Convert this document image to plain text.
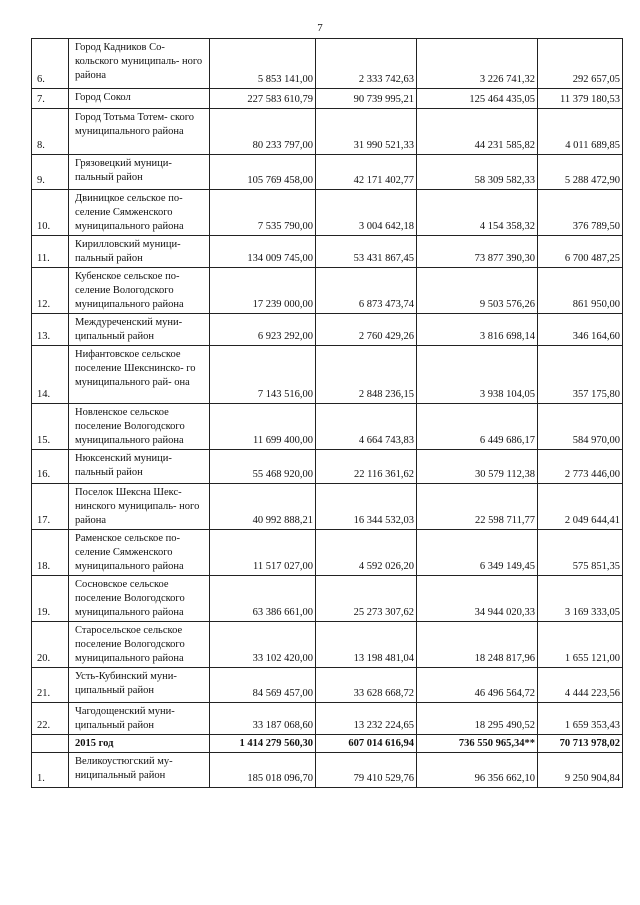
7
6.	Город Кадников Со- кольского муниципаль- ного района	5 853 141,00	2 333 742,63	3 226 741,32	292 657,05
7.	Город Сокол	227 583 610,79	90 739 995,21	125 464 435,05	11 379 180,53
8.	Город Тотьма Тотем- ского муниципального района	80 233 797,00	31 990 521,33	44 231 585,82	4 011 689,85
9.	Грязовецкий муници- пальный район	105 769 458,00	42 171 402,77	58 309 582,33	5 288 472,90
10.	Двиницкое сельское по- селение Сямженского муниципального района	7 535 790,00	3 004 642,18	4 154 358,32	376 789,50
11.	Кирилловский муници- пальный район	134 009 745,00	53 431 867,45	73 877 390,30	6 700 487,25
12.	Кубенское сельское по- селение Вологодского муниципального района	17 239 000,00	6 873 473,74	9 503 576,26	861 950,00
13.	Междуреченский муни- ципальный район	6 923 292,00	2 760 429,26	3 816 698,14	346 164,60
14.	Нифантовское сельское поселение Шекснинско- го муниципального рай- она	7 143 516,00	2 848 236,15	3 938 104,05	357 175,80
15.	Новленское сельское поселение Вологодского муниципального района	11 699 400,00	4 664 743,83	6 449 686,17	584 970,00
16.	Нюксенский муници- пальный район	55 468 920,00	22 116 361,62	30 579 112,38	2 773 446,00
17.	Поселок Шексна Шекс- нинского муниципаль- ного района	40 992 888,21	16 344 532,03	22 598 711,77	2 049 644,41
18.	Раменское сельское по- селение Сямженского муниципального района	11 517 027,00	4 592 026,20	6 349 149,45	575 851,35
19.	Сосновское сельское поселение Вологодского муниципального района	63 386 661,00	25 273 307,62	34 944 020,33	3 169 333,05
20.	Старосельское сельское поселение Вологодского муниципального района	33 102 420,00	13 198 481,04	18 248 817,96	1 655 121,00
21.	Усть-Кубинский муни- ципальный район	84 569 457,00	33 628 668,72	46 496 564,72	4 444 223,56
22.	Чагодощенский муни- ципальный район	33 187 068,60	13 232 224,65	18 295 490,52	1 659 353,43
	2015 год	1 414 279 560,30	607 014 616,94	736 550 965,34**	70 713 978,02
1.	Великоустюгский му- ниципальный район	185 018 096,70	79 410 529,76	96 356 662,10	9 250 904,84
